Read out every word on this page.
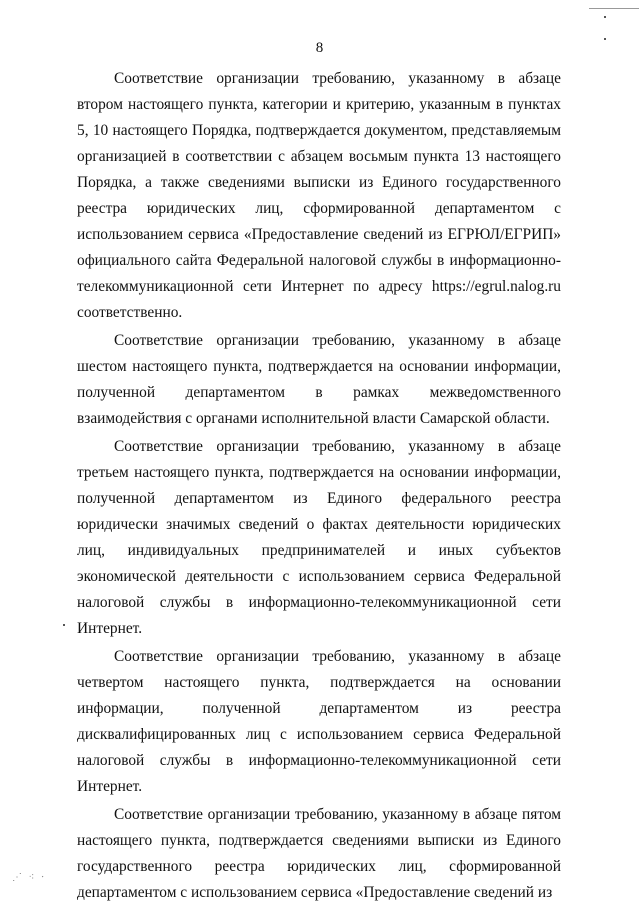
8

Соответствие организации требованию, указанному в абзаце втором настоящего пункта, категории и критерию, указанным в пунктах 5, 10 настоящего Порядка, подтверждается документом, представляемым организацией в соответствии с абзацем восьмым пункта 13 настоящего Порядка, а также сведениями выписки из Единого государственного реестра юридических лиц, сформированной департаментом с использованием сервиса «Предоставление сведений из ЕГРЮЛ/ЕГРИП» официального сайта Федеральной налоговой службы в информационно-телекоммуникационной сети Интернет по адресу https://egrul.nalog.ru соответственно.

Соответствие организации требованию, указанному в абзаце шестом настоящего пункта, подтверждается на основании информации, полученной департаментом в рамках межведомственного взаимодействия с органами исполнительной власти Самарской области.

Соответствие организации требованию, указанному в абзаце третьем настоящего пункта, подтверждается на основании информации, полученной департаментом из Единого федерального реестра юридически значимых сведений о фактах деятельности юридических лиц, индивидуальных предпринимателей и иных субъектов экономической деятельности с использованием сервиса Федеральной налоговой службы в информационно-телекоммуникационной сети Интернет.

Соответствие организации требованию, указанному в абзаце четвертом настоящего пункта, подтверждается на основании информации, полученной департаментом из реестра дисквалифицированных лиц с использованием сервиса Федеральной налоговой службы в информационно-телекоммуникационной сети Интернет.

Соответствие организации требованию, указанному в абзаце пятом настоящего пункта, подтверждается сведениями выписки из Единого государственного реестра юридических лиц, сформированной департаментом с использованием сервиса «Предоставление сведений из

⋰ ⁖ ⋅
